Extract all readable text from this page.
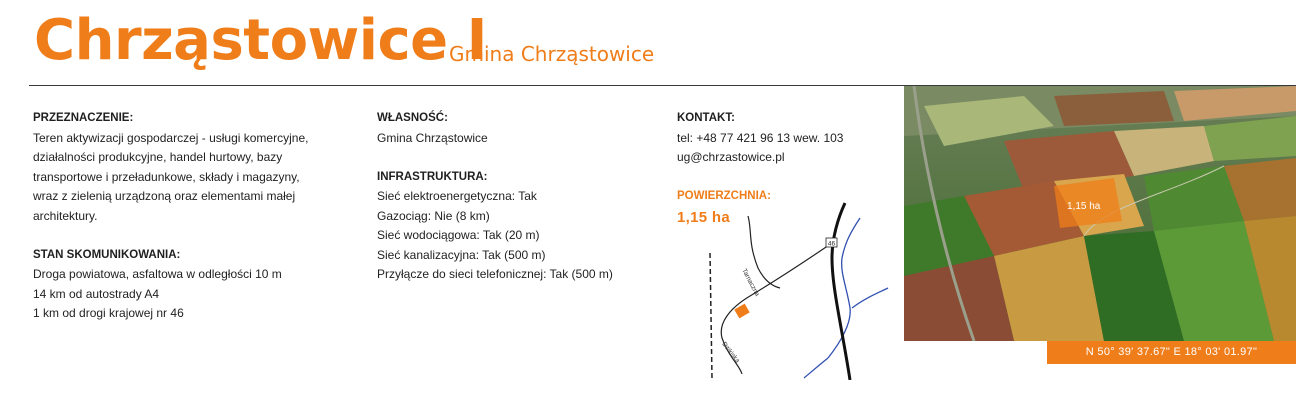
Chrząstowice I
Gmina Chrząstowice
PRZEZNACZENIE:
Teren aktywizacji gospodarczej - usługi komercyjne,
działalności produkcyjne, handel hurtowy, bazy
transportowe i przeładunkowe, składy i magazyny,
wraz z zielenią urządzoną oraz elementami małej
architektury.
STAN SKOMUNIKOWANIA:
Droga powiatowa, asfaltowa w odległości 10 m
14 km od autostrady A4
1 km od drogi krajowej nr 46
WŁASNOŚĆ:
Gmina Chrząstowice
INFRASTRUKTURA:
Sieć elektroenergetyczna: Tak
Gazociąg: Nie (8 km)
Sieć wodociągowa: Tak (20 m)
Sieć kanalizacyjna: Tak (500 m)
Przyłącze do sieci telefonicznej: Tak (500 m)
KONTAKT:
tel: +48 77 421 96 13 wew. 103
ug@chrzastowice.pl
POWIERZCHNIA:
1,15 ha
46
Tarnaczna
Dzikiska
1,15 ha
N 50° 39' 37.67" E 18° 03' 01.97"
